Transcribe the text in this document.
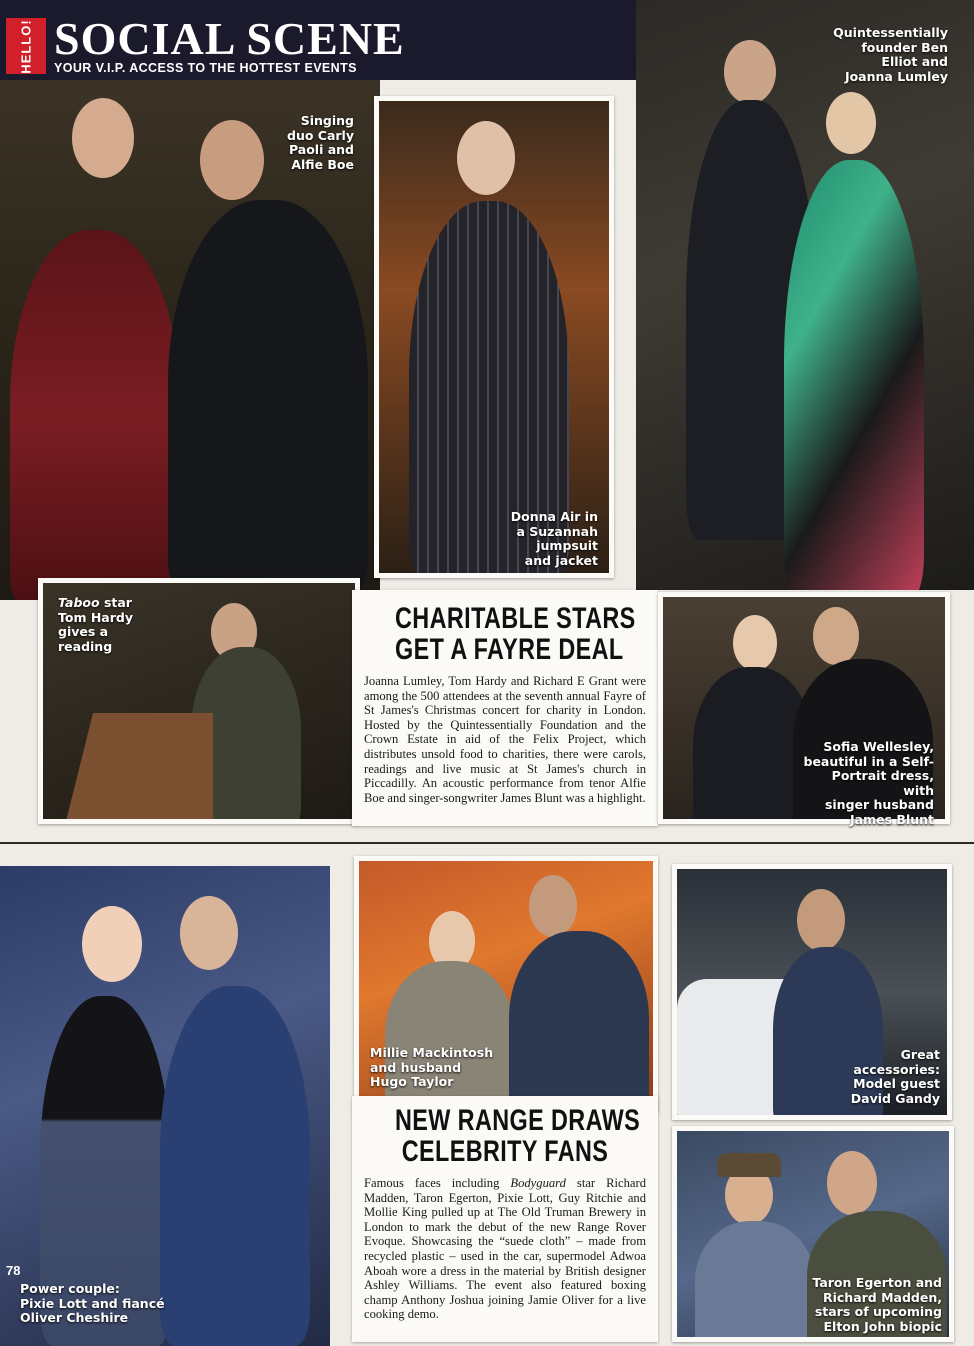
HELLO! SOCIAL SCENE
YOUR V.I.P. ACCESS TO THE HOTTEST EVENTS
Quintessentially
founder Ben
Elliot and
Joanna Lumley
Singing
duo Carly
Paoli and
Alfie Boe
Donna Air in
a Suzannah
jumpsuit
and jacket
Taboo star
Tom Hardy
gives a
reading
CHARITABLE STARS
GET A FAYRE DEAL
Joanna Lumley, Tom Hardy and Richard E Grant were among the 500 attendees at the seventh annual Fayre of St James's Christmas concert for charity in London. Hosted by the Quintessentially Foundation and the Crown Estate in aid of the Felix Project, which distributes unsold food to charities, there were carols, readings and live music at St James's church in Piccadilly. An acoustic performance from tenor Alfie Boe and singer-songwriter James Blunt was a highlight.
Sofia Wellesley,
beautiful in a Self-
Portrait dress, with
singer husband
James Blunt
78
Power couple:
Pixie Lott and fiancé
Oliver Cheshire
Millie Mackintosh
and husband
Hugo Taylor
NEW RANGE DRAWS
CELEBRITY FANS
Famous faces including Bodyguard star Richard Madden, Taron Egerton, Pixie Lott, Guy Ritchie and Mollie King pulled up at The Old Truman Brewery in London to mark the debut of the new Range Rover Evoque. Showcasing the “suede cloth” – made from recycled plastic – used in the car, supermodel Adwoa Aboah wore a dress in the material by British designer Ashley Williams. The event also featured boxing champ Anthony Joshua joining Jamie Oliver for a live cooking demo.
Great
accessories:
Model guest
David Gandy
Taron Egerton and
Richard Madden,
stars of upcoming
Elton John biopic
